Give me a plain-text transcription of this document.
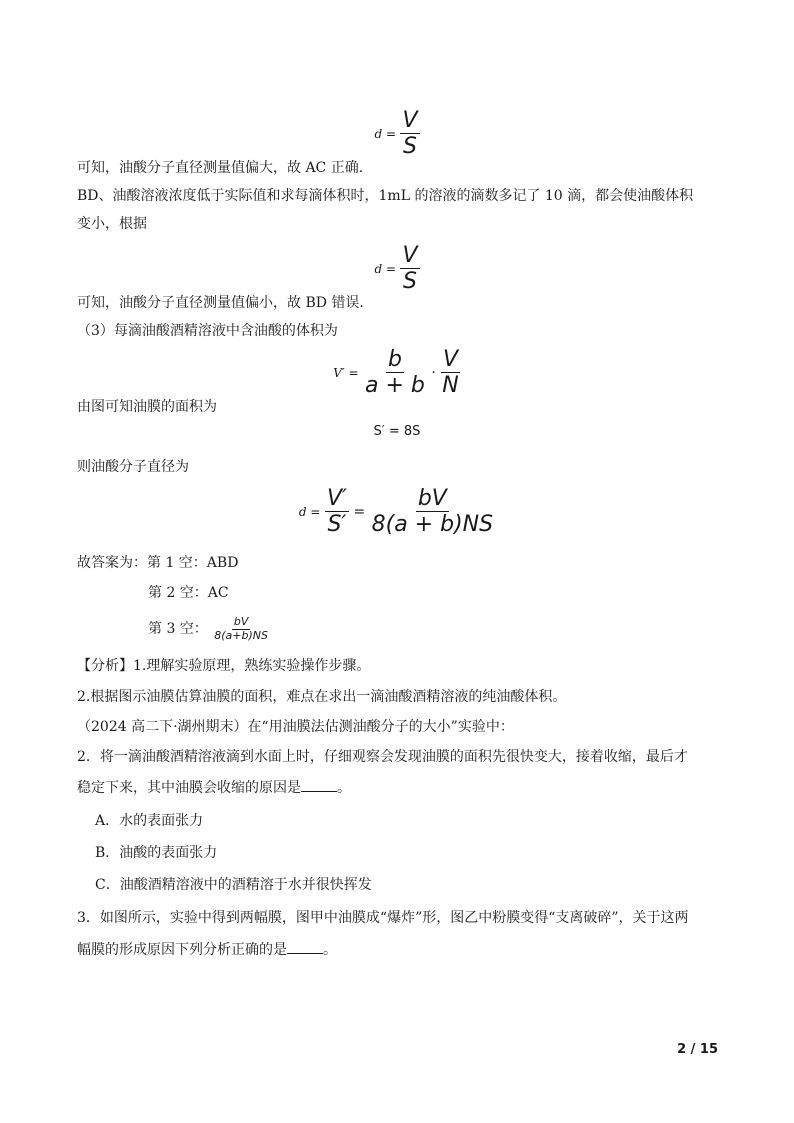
$d = \frac{V}{S}$
可知，油酸分子直径测量值偏大，故 AC 正确.
BD、油酸溶液浓度低于实际值和求每滴体积时，1mL 的溶液的滴数多记了 10 滴，都会使油酸体积
变小，根据
$d = \frac{V}{S}$
可知，油酸分子直径测量值偏小，故 BD 错误.
（3）每滴油酸酒精溶液中含油酸的体积为
$V' = \frac{b}{a + b} \cdot \frac{V}{N}$
由图可知油膜的面积为
S′ = 8S
则油酸分子直径为
$d = \frac{V'}{S'} = \frac{bV}{8(a + b)NS}$
故答案为：第 1 空：ABD
第 2 空：AC
第 3 空： $\frac{bV}{8(a+b)NS}$
【分析】1.理解实验原理，熟练实验操作步骤。
2.根据图示油膜估算油膜的面积，难点在求出一滴油酸酒精溶液的纯油酸体积。
（2024 高二下·湖州期末）在“用油膜法估测油酸分子的大小”实验中：
2．将一滴油酸酒精溶液滴到水面上时，仔细观察会发现油膜的面积先很快变大，接着收缩，最后才
稳定下来，其中油膜会收缩的原因是	。
A．水的表面张力
B．油酸的表面张力
C．油酸酒精溶液中的酒精溶于水并很快挥发
3．如图所示，实验中得到两幅膜，图甲中油膜成“爆炸”形，图乙中粉膜变得“支离破碎”，关于这两
幅膜的形成原因下列分析正确的是	。
2 / 15
